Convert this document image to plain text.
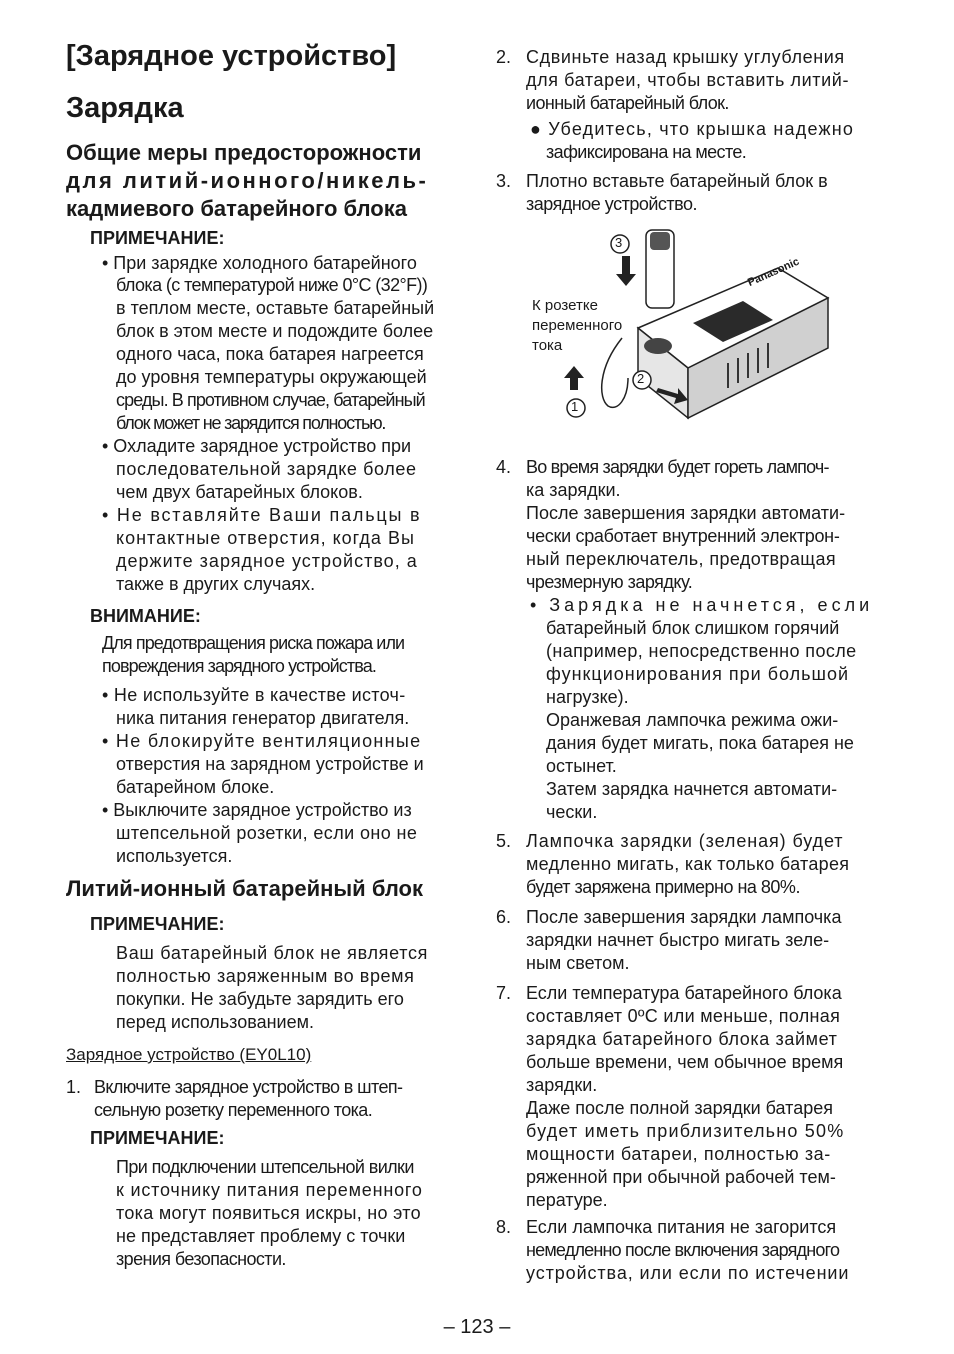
[Зарядное устройство]
Зарядка
Общие меры предосторожности
для литий-ионного/никель-
кадмиевого батарейного блока
ПРИМЕЧАНИЕ:
• При зарядке холодного батарейного
блока (с температурой ниже 0°C (32°F))
в теплом месте, оставьте батарейный
блок в этом месте и подождите более
одного часа, пока батарея нагреется
до уровня температуры окружающей
среды. В противном случае, батарейный
блок может не зарядится полностью.
• Охладите зарядное устройство при
последовательной зарядке более
чем двух батарейных блоков.
• Не вставляйте Ваши пальцы в
контактные отверстия, когда Вы
держите зарядное устройство, а
также в других случаях.
ВНИМАНИЕ:
Для предотвращения риска пожара или
повреждения зарядного устройства.
• Не используйте в качестве источ-
ника питания генератор двигателя.
• Не блокируйте вентиляционные
отверстия на зарядном устройстве и
батарейном блоке.
• Выключите зарядное устройство из
штепсельной розетки, если оно не
используется.
Литий-ионный батарейный блок
ПРИМЕЧАНИЕ:
Ваш батарейный блок не является
полностью заряженным во время
покупки. Не забудьте зарядить его
перед использованием.
Зарядное устройство (EY0L10)
1. Включите зарядное устройство в штеп-
сельную розетку переменного тока.
ПРИМЕЧАНИЕ:
При подключении штепсельной вилки
к источнику питания переменного
тока могут появиться искры, но это
не представляет проблему с точки
зрения безопасности.
2. Сдвиньте назад крышку углубления
для батареи, чтобы вставить литий-
ионный батарейный блок.
● Убедитесь, что крышка надежно
зафиксирована на месте.
3. Плотно вставьте батарейный блок в
зарядное устройство.
К розетке
переменного
тока
3
2
1
Panasonic
4. Во время зарядки будет гореть лампоч-
ка зарядки.
После завершения зарядки автомати-
чески сработает внутренний электрон-
ный переключатель, предотвращая
чрезмерную зарядку.
• Зарядка не начнется, если
батарейный блок слишком горячий
(например, непосредственно после
функционирования при большой
нагрузке).
Оранжевая лампочка режима ожи-
дания будет мигать, пока батарея не
остынет.
Затем зарядка начнется автомати-
чески.
5. Лампочка зарядки (зеленая) будет
медленно мигать, как только батарея
будет заряжена примерно на 80%.
6. После завершения зарядки лампочка
зарядки начнет быстро мигать зеле-
ным светом.
7. Если температура батарейного блока
составляет 0ºC или меньше, полная
зарядка батарейного блока займет
больше времени, чем обычное время
зарядки.
Даже после полной зарядки батарея
будет иметь приблизительно 50%
мощности батареи, полностью за-
ряженной при обычной рабочей тем-
пературе.
8. Если лампочка питания не загорится
немедленно после включения зарядного
устройства, или если по истечении
– 123 –
